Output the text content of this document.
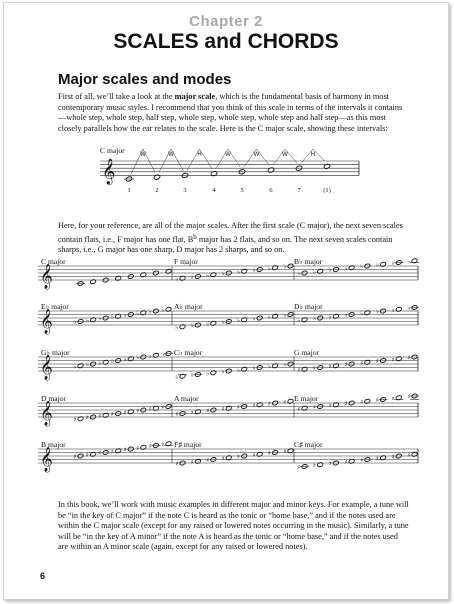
Chapter 2
SCALES and CHORDS
Major scales and modes

First of all, we’ll take a look at the major scale, which is the fundamental basis of harmony in most contemporary music styles. I recommend that you think of this scale in terms of the intervals it contains—whole step, whole step, half step, whole step, whole step, whole step and half step—as this most closely parallels how the ear relates to the scale. Here is the C major scale, showing these intervals:

C major
𝄞
1	2	3	4	5	6	7	(1)
W	W	H	W	W	W	H

Here, for your reference, are all of the major scales. After the first scale (C major), the next seven scales contain flats, i.e., F major has one flat, $B^b$ major has 2 flats, and so on. The next seven scales contain sharps, i.e., G major has one sharp, D major has 2 sharps, and so on.

𝄞	♭ ♭ ♭ ♭ ♭ ♭ ♭ ♭
♭ ♭ ♭ ♭ ♭ ♭ ♭ ♭
𝄞	♭ ♭ ♭ ♭ ♭ ♭ ♭ ♭
♭ ♭ ♭ ♭ ♭ ♭ ♭ ♭
♭ ♭ ♭ ♭ ♭ ♭ ♭ ♭
𝄞	♭ ♭ ♭ ♭ ♭ ♭ ♭ ♭
♭ ♭ ♭ ♭ ♭ ♭ ♭ ♭
♯ ♯ ♯ ♯ ♯ ♯ ♯ ♯
𝄞	♯ ♯ ♯ ♯ ♯ ♯ ♯ ♯
♯ ♯ ♯ ♯ ♯ ♯ ♯ ♯
♯ ♯ ♯ ♯ ♯ ♯ ♯ ♯
𝄞	♯ ♯ ♯ ♯ ♯ ♯ ♯ ♯
♯ ♯ ♯ ♯ ♯ ♯ ♯ ♯
♯ ♯ ♯ ♯ ♯ ♯ ♯ ♯

In this book, we’ll work with music examples in different major and minor keys. For example, a tune will be “in the key of C major” if the note C is heard as the tonic or “home base,” and if the notes used are within the C major scale (except for any raised or lowered notes occurring in the music). Similarly, a tune will be “in the key of A minor” if the note A is heard as the tonic or “home base,” and if the notes used are within an A minor scale (again, except for any raised or lowered notes).

6
C major	F major	B♭ major
E♭ major	A♭ major	D♭ major
G♭ major	C♭ major	G major
D major	A major	E major
B major	F♯ major	C♯ major
